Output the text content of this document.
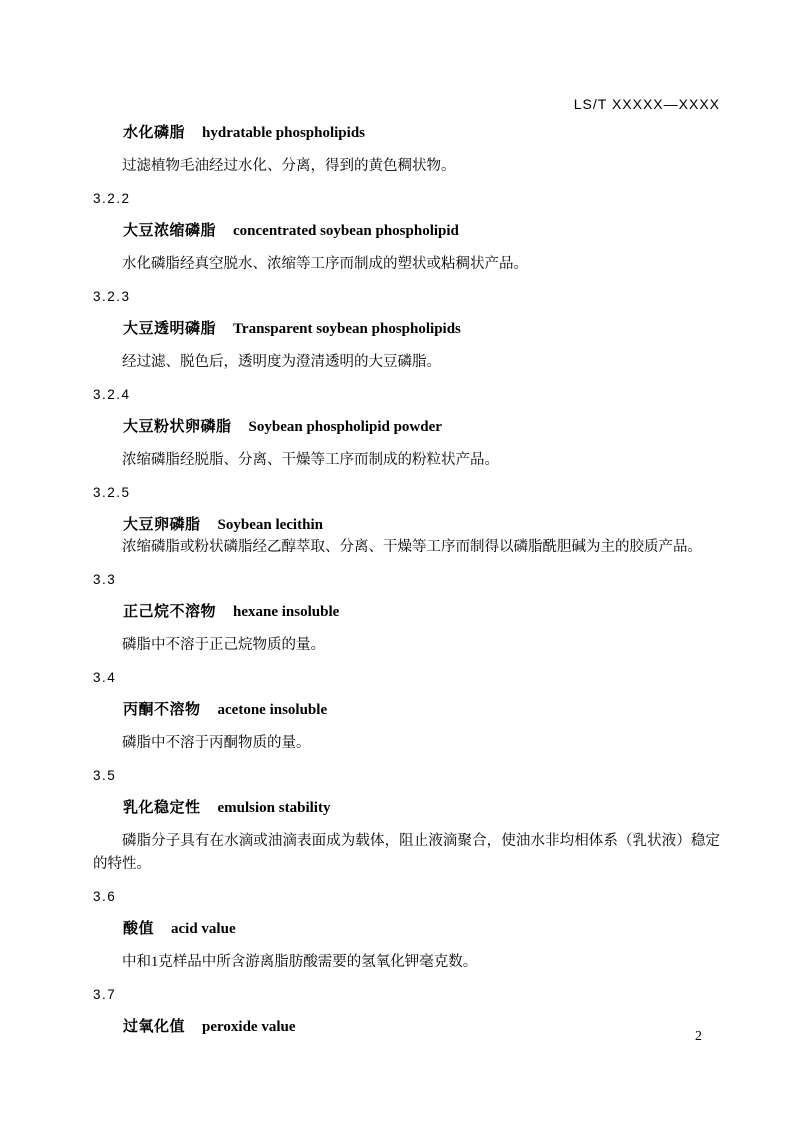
LS/T XXXXX—XXXX

水化磷脂 hydratable phospholipids

过滤植物毛油经过水化、分离，得到的黄色稠状物。

3.2.2

大豆浓缩磷脂 concentrated soybean phospholipid

水化磷脂经真空脱水、浓缩等工序而制成的塑状或粘稠状产品。

3.2.3

大豆透明磷脂 Transparent soybean phospholipids

经过滤、脱色后，透明度为澄清透明的大豆磷脂。

3.2.4

大豆粉状卵磷脂 Soybean phospholipid powder

浓缩磷脂经脱脂、分离、干燥等工序而制成的粉粒状产品。

3.2.5

大豆卵磷脂 Soybean lecithin

浓缩磷脂或粉状磷脂经乙醇萃取、分离、干燥等工序而制得以磷脂酰胆碱为主的胶质产品。

3.3

正己烷不溶物 hexane insoluble

磷脂中不溶于正己烷物质的量。

3.4

丙酮不溶物 acetone insoluble

磷脂中不溶于丙酮物质的量。

3.5

乳化稳定性 emulsion stability

磷脂分子具有在水滴或油滴表面成为载体，阻止液滴聚合，使油水非均相体系（乳状液）稳定的特性。

3.6

酸值 acid value

中和1克样品中所含游离脂肪酸需要的氢氧化钾毫克数。

3.7

过氧化值 peroxide value

2
